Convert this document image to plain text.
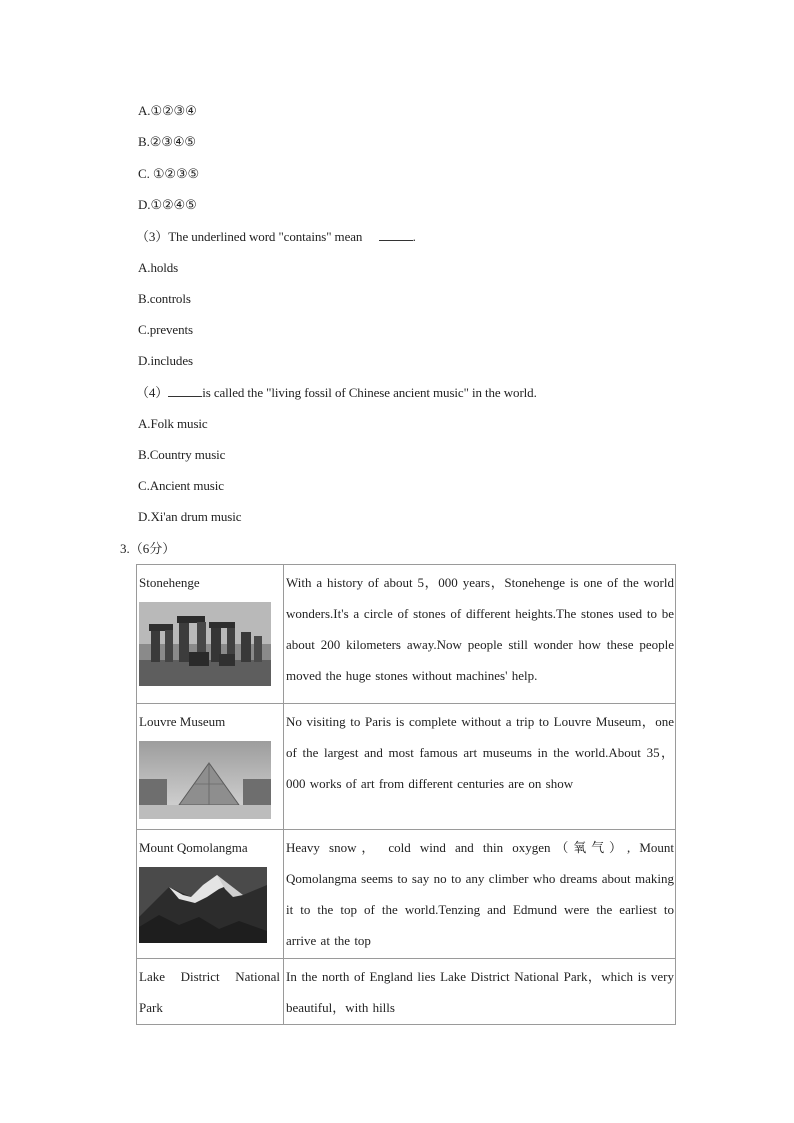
A.①②③④
B.②③④⑤
C. ①②③⑤
D.①②④⑤
（3）The underlined word "contains" mean	.
A.holds
B.controls
C.prevents
D.includes
（4）	is called the "living fossil of Chinese ancient music" in the world.
A.Folk music
B.Country music
C.Ancient music
D.Xi'an drum music
3.（6分）
Stonehenge	With a history of about 5，000 years，Stonehenge is one of the world wonders.It's a circle of stones of different heights.The stones used to be about 200 kilometers away.Now people still wonder how these people moved the huge stones without machines' help.

Louvre Museum	No visiting to Paris is complete without a trip to Louvre Museum，one of the largest and most famous art museums in the world.About 35，000 works of art from different centuries are on show

Mount Qomolangma	Heavy snow， cold wind and thin oxygen（氧气）, Mount Qomolangma seems to say no to any climber who dreams about making it to the top of the world.Tenzing and Edmund were the earliest to arrive at the top

Lake District National Park	In the north of England lies Lake District National Park，which is very beautiful，with hills
